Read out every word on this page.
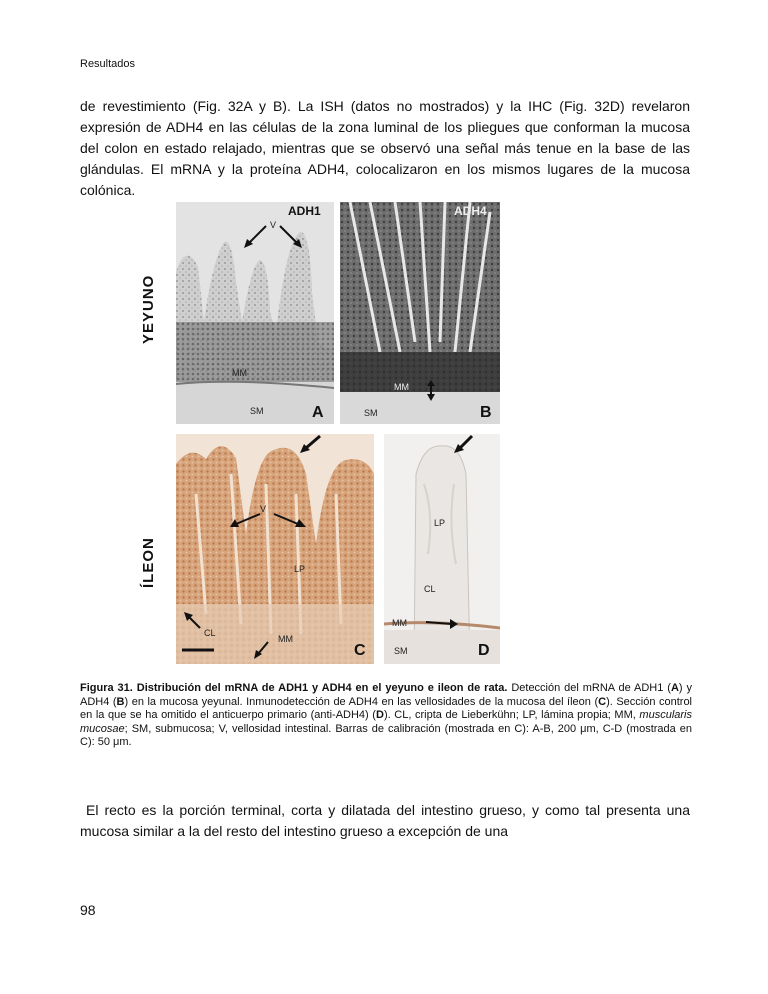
Resultados

de revestimiento (Fig. 32A y B). La ISH (datos no mostrados) y la IHC (Fig. 32D) revelaron expresión de ADH4 en las células de la zona luminal de los pliegues que conforman la mucosa del colon en estado relajado, mientras que se observó una señal más tenue en la base de las glándulas. El mRNA y la proteína ADH4, colocalizaron en los mismos lugares de la mucosa colónica.

YEYUNO
ÍLEON
ADH1
V
MM
SM	A
ADH4
MM
SM	B
V
LP
CL
MM
C
LP
CL
MM
SM	D

Figura 31. Distribución del mRNA de ADH1 y ADH4 en el yeyuno e ileon de rata. Detección del mRNA de ADH1 (A) y ADH4 (B) en la mucosa yeyunal. Inmunodetección de ADH4 en las vellosidades de la mucosa del íleon (C). Sección control en la que se ha omitido el anticuerpo primario (anti-ADH4) (D). CL, cripta de Lieberkühn; LP, lámina propia; MM, muscularis mucosae; SM, submucosa; V, vellosidad intestinal. Barras de calibración (mostrada en C): A-B, 200 μm, C-D (mostrada en C): 50 μm.

El recto es la porción terminal, corta y dilatada del intestino grueso, y como tal presenta una mucosa similar a la del resto del intestino grueso a excepción de una

98
